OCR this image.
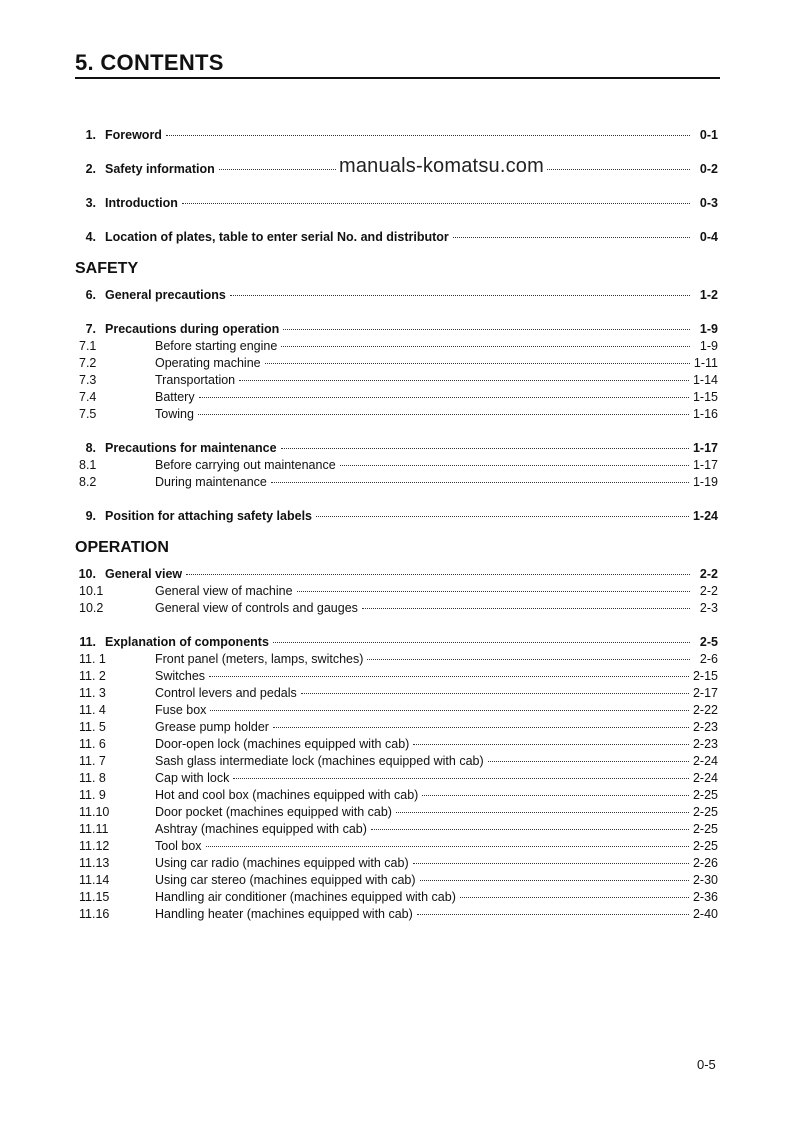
5. CONTENTS
1. Foreword	0-1
2. Safety information	0-2
3. Introduction	0-3
4. Location of plates, table to enter serial No. and distributor	0-4
manuals-komatsu.com
SAFETY
6. General precautions	1-2
7. Precautions during operation	1-9
7.1	Before starting engine	1-9
7.2	Operating machine	1-11
7.3	Transportation	1-14
7.4	Battery	1-15
7.5	Towing	1-16
8. Precautions for maintenance	1-17
8.1	Before carrying out maintenance	1-17
8.2	During maintenance	1-19
9. Position for attaching safety labels	1-24
OPERATION
10. General view	2-2
10.1	General view of machine	2-2
10.2	General view of controls and gauges	2-3
11. Explanation of components	2-5
11. 1	Front panel (meters, lamps, switches)	2-6
11. 2	Switches	2-15
11. 3	Control levers and pedals	2-17
11. 4	Fuse box	2-22
11. 5	Grease pump holder	2-23
11. 6	Door-open lock (machines equipped with cab)	2-23
11. 7	Sash glass intermediate lock (machines equipped with cab)	2-24
11. 8	Cap with lock	2-24
11. 9	Hot and cool box (machines equipped with cab)	2-25
11.10	Door pocket (machines equipped with cab)	2-25
11.11	Ashtray (machines equipped with cab)	2-25
11.12	Tool box	2-25
11.13	Using car radio (machines equipped with cab)	2-26
11.14	Using car stereo (machines equipped with cab)	2-30
11.15	Handling air conditioner (machines equipped with cab)	2-36
11.16	Handling heater (machines equipped with cab)	2-40
0-5
